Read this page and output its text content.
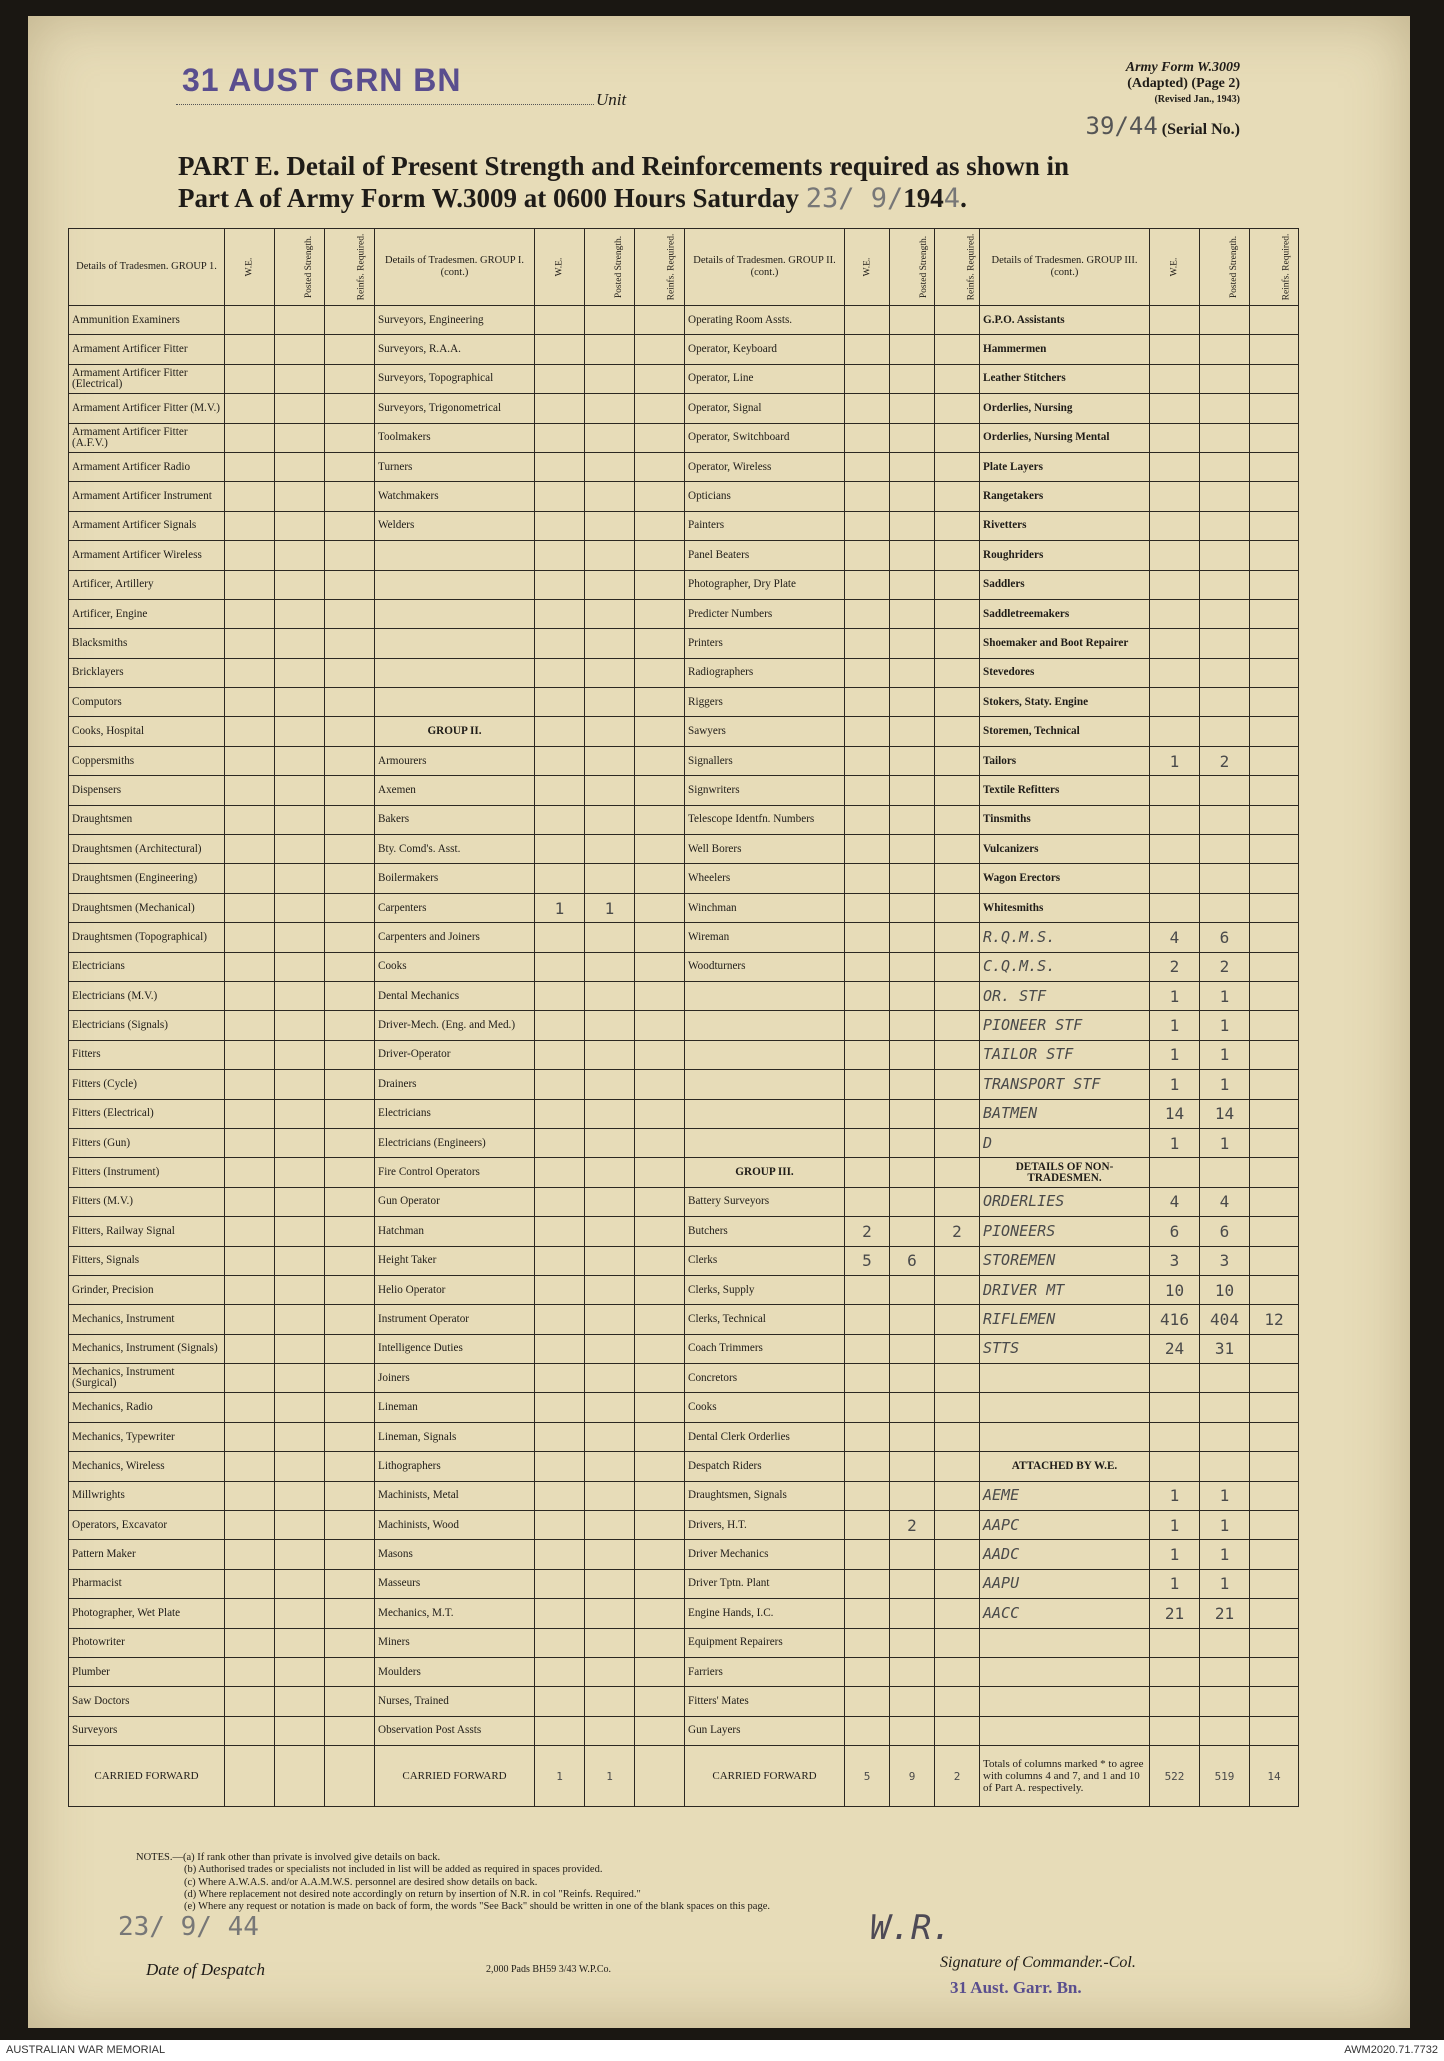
31 AUST GRN BN
Unit
Army Form W.3009
(Adapted) (Page 2)
(Revised Jan., 1943)
39/44 (Serial No.)
PART E. Detail of Present Strength and Reinforcements required as shown in
Part A of Army Form W.3009 at 0600 Hours Saturday 23/ 9/1944.
Details of Tradesmen. GROUP 1.	W.E.	Posted Strength.	Reinfs. Required.	Details of Tradesmen. GROUP I. (cont.)	W.E.	Posted Strength.	Reinfs. Required.	Details of Tradesmen. GROUP II. (cont.)	W.E.	Posted Strength.	Reinfs. Required.	Details of Tradesmen. GROUP III. (cont.)	W.E.	Posted Strength.	Reinfs. Required.
Ammunition Examiners				Surveyors, Engineering				Operating Room Assts.				G.P.O. Assistants			
Armament Artificer Fitter				Surveyors, R.A.A.				Operator, Keyboard				Hammermen			
Armament Artificer Fitter (Electrical)				Surveyors, Topographical				Operator, Line				Leather Stitchers			
Armament Artificer Fitter (M.V.)				Surveyors, Trigonometrical				Operator, Signal				Orderlies, Nursing			
Armament Artificer Fitter (A.F.V.)				Toolmakers				Operator, Switchboard				Orderlies, Nursing Mental			
Armament Artificer Radio				Turners				Operator, Wireless				Plate Layers			
Armament Artificer Instrument				Watchmakers				Opticians				Rangetakers			
Armament Artificer Signals				Welders				Painters				Rivetters			
Armament Artificer Wireless								Panel Beaters				Roughriders			
Artificer, Artillery								Photographer, Dry Plate				Saddlers			
Artificer, Engine								Predicter Numbers				Saddletreemakers			
Blacksmiths								Printers				Shoemaker and Boot Repairer			
Bricklayers								Radiographers				Stevedores			
Computors								Riggers				Stokers, Staty. Engine			
Cooks, Hospital				GROUP II.				Sawyers				Storemen, Technical			
Coppersmiths				Armourers				Signallers				Tailors	1	2	
Dispensers				Axemen				Signwriters				Textile Refitters			
Draughtsmen				Bakers				Telescope Identfn. Numbers				Tinsmiths			
Draughtsmen (Architectural)				Bty. Comd's. Asst.				Well Borers				Vulcanizers			
Draughtsmen (Engineering)				Boilermakers				Wheelers				Wagon Erectors			
Draughtsmen (Mechanical)				Carpenters	1	1		Winchman				Whitesmiths			
Draughtsmen (Topographical)				Carpenters and Joiners				Wireman				R.Q.M.S.	4	6	
Electricians				Cooks				Woodturners				C.Q.M.S.	2	2	
Electricians (M.V.)				Dental Mechanics								OR. STF	1	1	
Electricians (Signals)				Driver-Mech. (Eng. and Med.)								PIONEER STF	1	1	
Fitters				Driver-Operator								TAILOR STF	1	1	
Fitters (Cycle)				Drainers								TRANSPORT STF	1	1	
Fitters (Electrical)				Electricians								BATMEN	14	14	
Fitters (Gun)				Electricians (Engineers)								D	1	1	
Fitters (Instrument)				Fire Control Operators				GROUP III.				DETAILS OF NON-TRADESMEN.			
Fitters (M.V.)				Gun Operator				Battery Surveyors				ORDERLIES	4	4	
Fitters, Railway Signal				Hatchman				Butchers	2		2	PIONEERS	6	6	
Fitters, Signals				Height Taker				Clerks	5	6		STOREMEN	3	3	
Grinder, Precision				Helio Operator				Clerks, Supply				DRIVER MT	10	10	
Mechanics, Instrument				Instrument Operator				Clerks, Technical				RIFLEMEN	416	404	12
Mechanics, Instrument (Signals)				Intelligence Duties				Coach Trimmers				STTS	24	31	
Mechanics, Instrument (Surgical)				Joiners				Concretors							
Mechanics, Radio				Lineman				Cooks							
Mechanics, Typewriter				Lineman, Signals				Dental Clerk Orderlies							
Mechanics, Wireless				Lithographers				Despatch Riders				ATTACHED BY W.E.			
Millwrights				Machinists, Metal				Draughtsmen, Signals				AEME	1	1	
Operators, Excavator				Machinists, Wood				Drivers, H.T.		2		AAPC	1	1	
Pattern Maker				Masons				Driver Mechanics				AADC	1	1	
Pharmacist				Masseurs				Driver Tptn. Plant				AAPU	1	1	
Photographer, Wet Plate				Mechanics, M.T.				Engine Hands, I.C.				AACC	21	21	
Photowriter				Miners				Equipment Repairers							
Plumber				Moulders				Farriers							
Saw Doctors				Nurses, Trained				Fitters' Mates							
Surveyors				Observation Post Assts				Gun Layers							
CARRIED FORWARD				CARRIED FORWARD	1	1		CARRIED FORWARD	5	9	2	Totals of columns marked * to agree with columns 4 and 7, and 1 and 10 of Part A. respectively.	522	519	14
NOTES.—(a) If rank other than private is involved give details on back.
(b) Authorised trades or specialists not included in list will be added as required in spaces provided.
(c) Where A.W.A.S. and/or A.A.M.W.S. personnel are desired show details on back.
(d) Where replacement not desired note accordingly on return by insertion of N.R. in col "Reinfs. Required."
(e) Where any request or notation is made on back of form, the words "See Back" should be written in one of the blank spaces on this page.
23/ 9/ 44
Date of Despatch	2,000 Pads BH59 3/43 W.P.Co.
W.R.
Signature of Commander.-Col.
31 Aust. Garr. Bn.
AUSTRALIAN WAR MEMORIAL	AWM2020.71.7732
